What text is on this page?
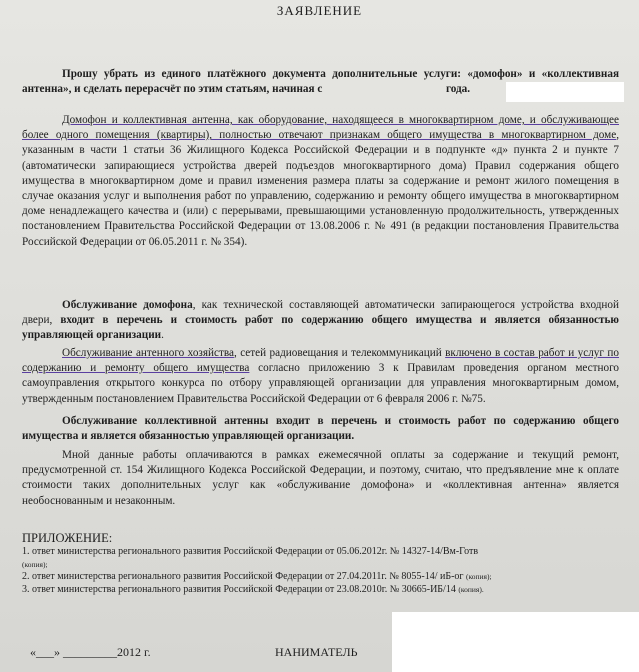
ЗАЯВЛЕНИЕ
Прошу убрать из единого платёжного документа дополнительные услуги: «домофон» и «коллективная антенна», и сделать перерасчёт по этим статьям, начиная с	года.
Домофон и коллективная антенна, как оборудование, находящееся в многоквартирном доме, и обслуживающее более одного помещения (квартиры), полностью отвечают признакам общего имущества в многоквартирном доме, указанным в части 1 статьи 36 Жилищного Кодекса Российской Федерации и в подпункте «д» пункта 2 и пункте 7 (автоматически запирающиеся устройства дверей подъездов многоквартирного дома) Правил содержания общего имущества в многоквартирном доме и правил изменения размера платы за содержание и ремонт жилого помещения в случае оказания услуг и выполнения работ по управлению, содержанию и ремонту общего имущества в многоквартирном доме ненадлежащего качества и (или) с перерывами, превышающими установленную продолжительность, утвержденных постановлением Правительства Российской Федерации от 13.08.2006 г. № 491 (в редакции постановления Правительства Российской Федерации от 06.05.2011 г. № 354).
Обслуживание домофона, как технической составляющей автоматически запирающегося устройства входной двери, входит в перечень и стоимость работ по содержанию общего имущества и является обязанностью управляющей организации.
Обслуживание антенного хозяйства, сетей радиовещания и телекоммуникаций включено в состав работ и услуг по содержанию и ремонту общего имущества согласно приложению 3 к Правилам проведения органом местного самоуправления открытого конкурса по отбору управляющей организации для управления многоквартирным домом, утвержденным постановлением Правительства Российской Федерации от 6 февраля 2006 г. №75.
Обслуживание коллективной антенны входит в перечень и стоимость работ по содержанию общего имущества и является обязанностью управляющей организации.
Мной данные работы оплачиваются в рамках ежемесячной оплаты за содержание и текущий ремонт, предусмотренной ст. 154 Жилищного Кодекса Российской Федерации, и поэтому, считаю, что предъявление мне к оплате стоимости таких дополнительных услуг как «обслуживание домофона» и «коллективная антенна» является необоснованным и незаконным.
ПРИЛОЖЕНИЕ:
1. ответ министерства регионального развития Российской Федерации от 05.06.2012г. № 14327-14/Вм-Готв
(копия);
2. ответ министерства регионального развития Российской Федерации от 27.04.2011г. № 8055-14/ иБ-ог (копия);
3. ответ министерства регионального развития Российской Федерации от 23.08.2010г. № 30665-ИБ/14 (копия).
«___» _________2012 г.	НАНИМАТЕЛЬ
